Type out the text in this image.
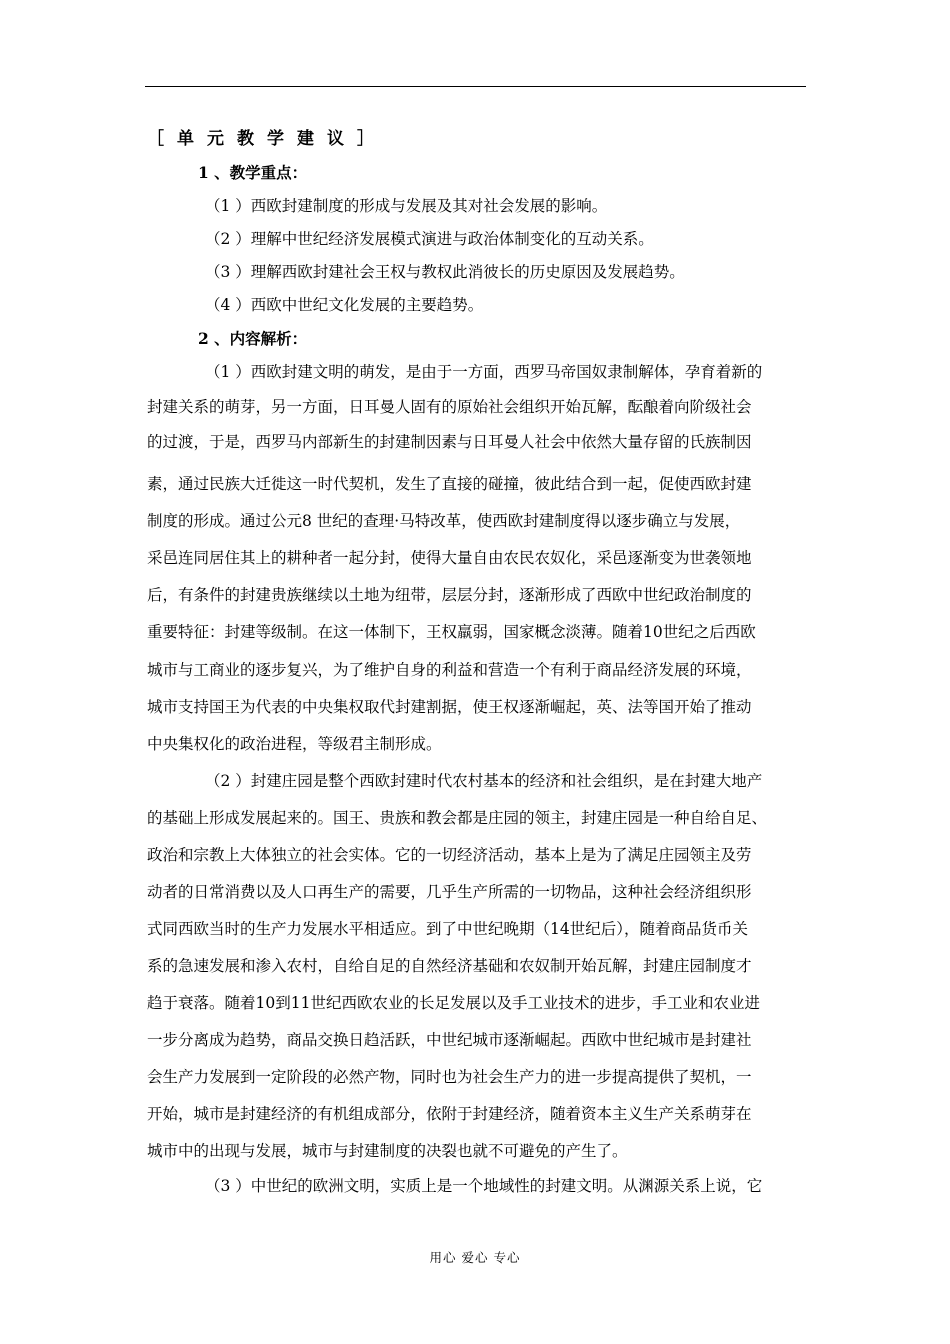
［单元教学建议］
1 、教学重点：
（1 ）西欧封建制度的形成与发展及其对社会发展的影响。
（2 ）理解中世纪经济发展模式演进与政治体制变化的互动关系。
（3 ）理解西欧封建社会王权与教权此消彼长的历史原因及发展趋势。
（4 ）西欧中世纪文化发展的主要趋势。
2 、内容解析：
（1 ）西欧封建文明的萌发，是由于一方面，西罗马帝国奴隶制解体，孕育着新的
封建关系的萌芽，另一方面，日耳曼人固有的原始社会组织开始瓦解，酝酿着向阶级社会
的过渡，于是，西罗马内部新生的封建制因素与日耳曼人社会中依然大量存留的氏族制因
素，通过民族大迁徙这一时代契机，发生了直接的碰撞，彼此结合到一起，促使西欧封建
制度的形成。通过公元8 世纪的查理·马特改革，使西欧封建制度得以逐步确立与发展，
采邑连同居住其上的耕种者一起分封，使得大量自由农民农奴化，采邑逐渐变为世袭领地
后，有条件的封建贵族继续以土地为纽带，层层分封，逐渐形成了西欧中世纪政治制度的
重要特征：封建等级制。在这一体制下，王权羸弱，国家概念淡薄。随着10世纪之后西欧
城市与工商业的逐步复兴，为了维护自身的利益和营造一个有利于商品经济发展的环境，
城市支持国王为代表的中央集权取代封建割据，使王权逐渐崛起，英、法等国开始了推动
中央集权化的政治进程，等级君主制形成。
（2 ）封建庄园是整个西欧封建时代农村基本的经济和社会组织，是在封建大地产
的基础上形成发展起来的。国王、贵族和教会都是庄园的领主，封建庄园是一种自给自足、
政治和宗教上大体独立的社会实体。它的一切经济活动，基本上是为了满足庄园领主及劳
动者的日常消费以及人口再生产的需要，几乎生产所需的一切物品，这种社会经济组织形
式同西欧当时的生产力发展水平相适应。到了中世纪晚期（14世纪后），随着商品货币关
系的急速发展和渗入农村，自给自足的自然经济基础和农奴制开始瓦解，封建庄园制度才
趋于衰落。随着10到11世纪西欧农业的长足发展以及手工业技术的进步，手工业和农业进
一步分离成为趋势，商品交换日趋活跃，中世纪城市逐渐崛起。西欧中世纪城市是封建社
会生产力发展到一定阶段的必然产物，同时也为社会生产力的进一步提高提供了契机，一
开始，城市是封建经济的有机组成部分，依附于封建经济，随着资本主义生产关系萌芽在
城市中的出现与发展，城市与封建制度的决裂也就不可避免的产生了。
（3 ）中世纪的欧洲文明，实质上是一个地域性的封建文明。从渊源关系上说，它
用心 爱心 专心
